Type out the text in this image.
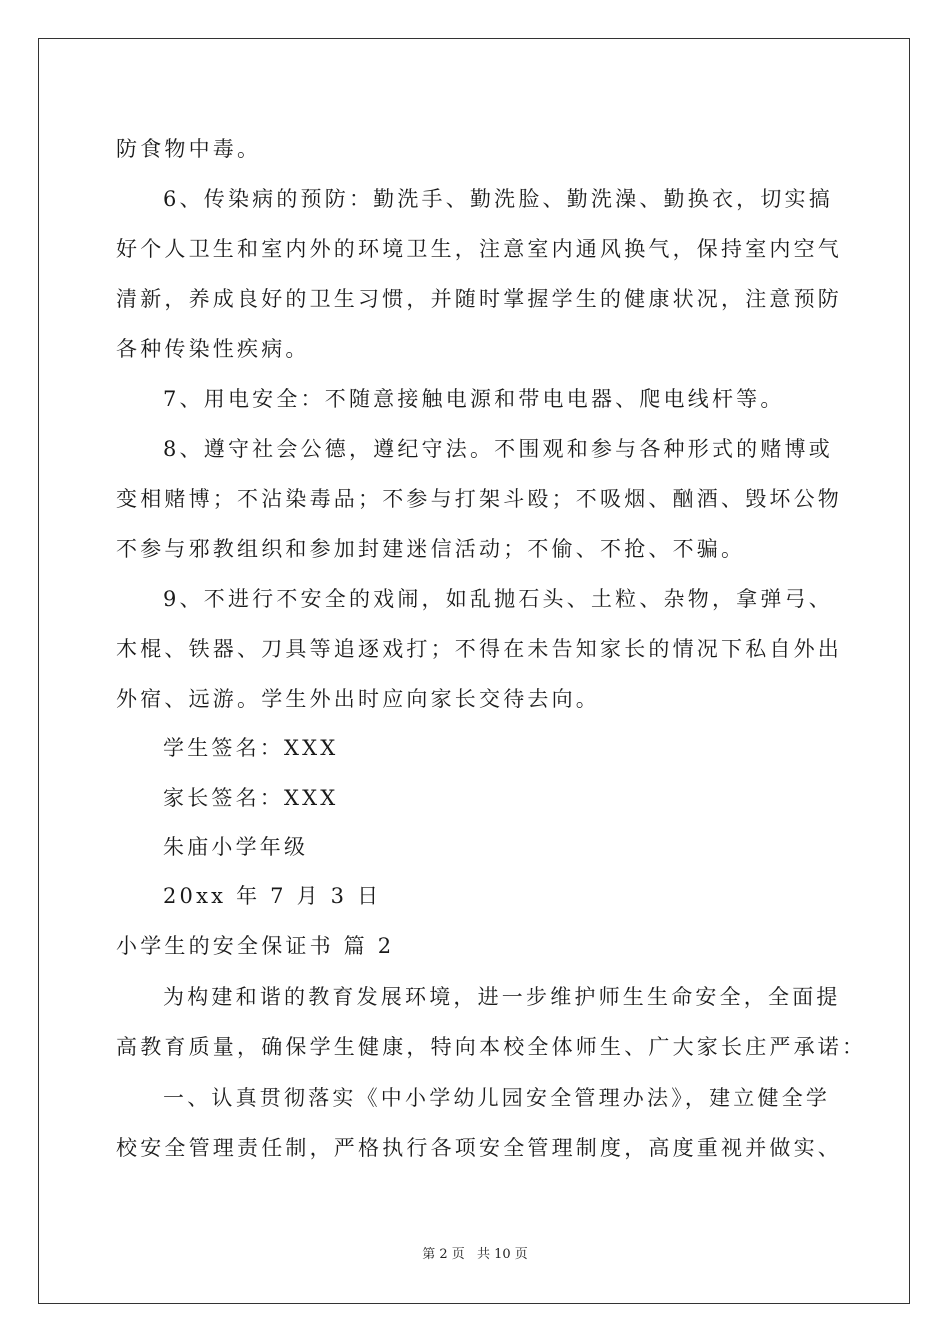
防食物中毒。
6、传染病的预防：勤洗手、勤洗脸、勤洗澡、勤换衣，切实搞
好个人卫生和室内外的环境卫生，注意室内通风换气，保持室内空气
清新，养成良好的卫生习惯，并随时掌握学生的健康状况，注意预防
各种传染性疾病。
7、用电安全：不随意接触电源和带电电器、爬电线杆等。
8、遵守社会公德，遵纪守法。不围观和参与各种形式的赌博或
变相赌博；不沾染毒品；不参与打架斗殴；不吸烟、酗酒、毁坏公物
不参与邪教组织和参加封建迷信活动；不偷、不抢、不骗。
9、不进行不安全的戏闹，如乱抛石头、土粒、杂物，拿弹弓、
木棍、铁器、刀具等追逐戏打；不得在未告知家长的情况下私自外出
外宿、远游。学生外出时应向家长交待去向。
学生签名：XXX
家长签名：XXX
朱庙小学年级
20xx 年 7 月 3 日
小学生的安全保证书 篇 2
为构建和谐的教育发展环境，进一步维护师生生命安全，全面提
高教育质量，确保学生健康，特向本校全体师生、广大家长庄严承诺：
一、认真贯彻落实《中小学幼儿园安全管理办法》，建立健全学
校安全管理责任制，严格执行各项安全管理制度，高度重视并做实、
第 2 页 共 10 页
